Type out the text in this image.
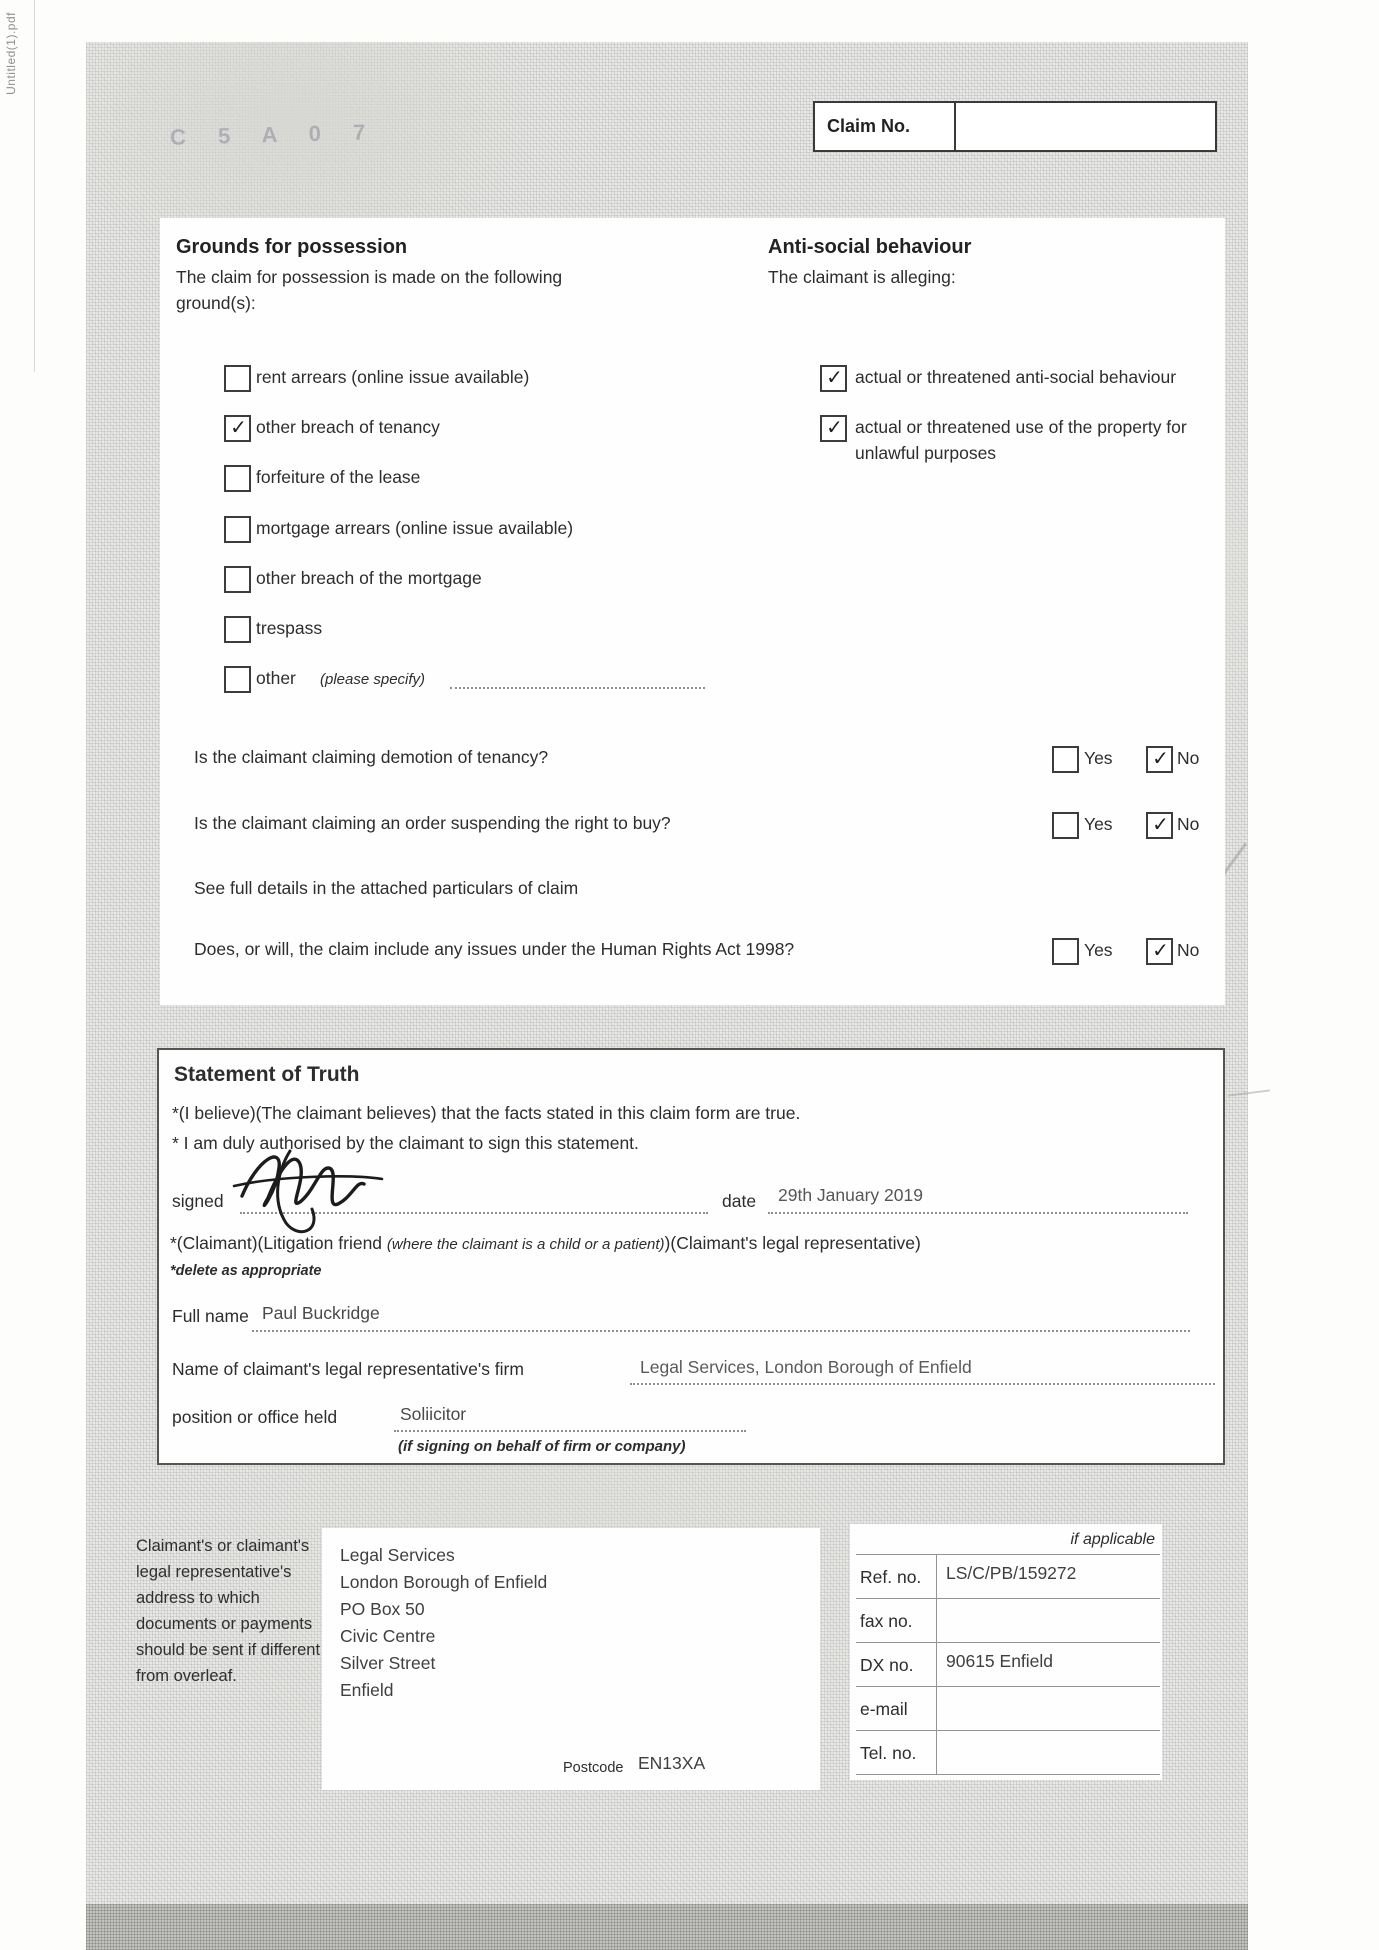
Untitled(1).pdf
C 5 A 0 7	Claim No.
Grounds for possession
The claim for possession is made on the following ground(s):
rent arrears (online issue available)
✓ other breach of tenancy
forfeiture of the lease
mortgage arrears (online issue available)
other breach of the mortgage
trespass
other (please specify)
Anti-social behaviour
The claimant is alleging:
✓ actual or threatened anti-social behaviour
✓ actual or threatened use of the property for unlawful purposes
Is the claimant claiming demotion of tenancy?	Yes ✓ No
Is the claimant claiming an order suspending the right to buy?	Yes ✓ No
See full details in the attached particulars of claim
Does, or will, the claim include any issues under the Human Rights Act 1998?	Yes ✓ No
Statement of Truth
*(I believe)(The claimant believes) that the facts stated in this claim form are true.
* I am duly authorised by the claimant to sign this statement.
signed	date 29th January 2019
*(Claimant)(Litigation friend (where the claimant is a child or a patient))(Claimant's legal representative)
*delete as appropriate
Full name Paul Buckridge
Name of claimant's legal representative's firm	Legal Services, London Borough of Enfield
position or office held	Soliicitor
(if signing on behalf of firm or company)
Claimant's or claimant's legal representative's address to which documents or payments should be sent if different from overleaf.
Legal Services
London Borough of Enfield
PO Box 50
Civic Centre
Silver Street
Enfield
Postcode EN13XA
if applicable
Ref. no. LS/C/PB/159272
fax no.
DX no. 90615 Enfield
e-mail
Tel. no.
